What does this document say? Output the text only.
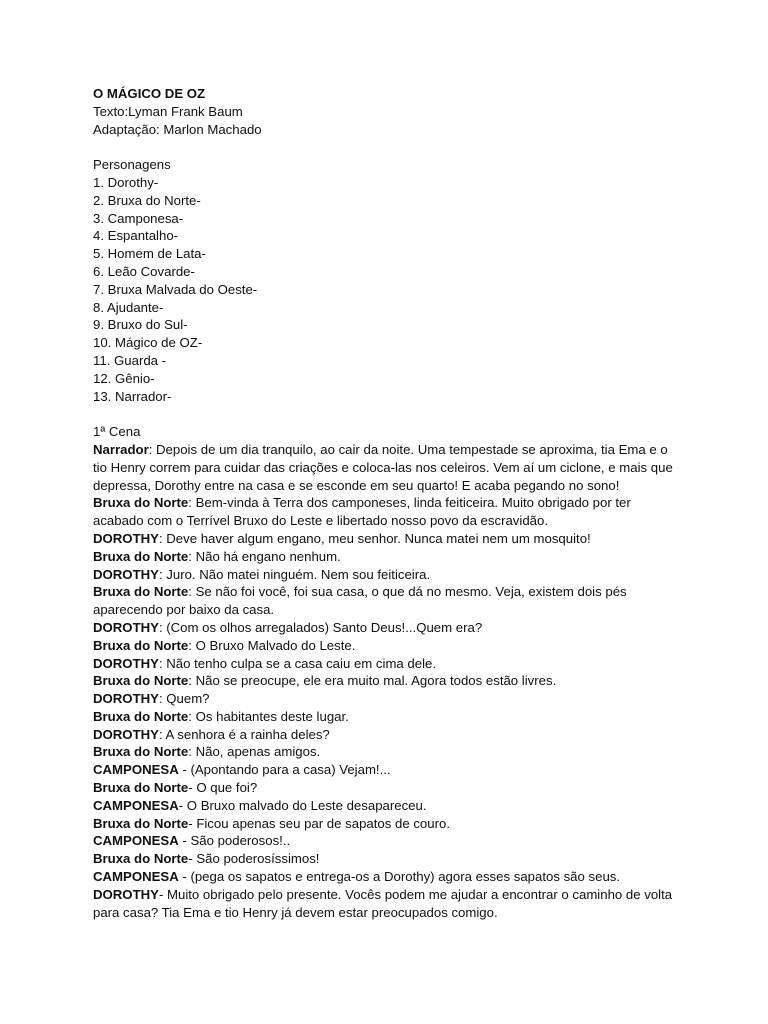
O MÁGICO DE OZ
Texto:Lyman Frank Baum
Adaptação: Marlon Machado
Personagens
1. Dorothy-
2. Bruxa do Norte-
3. Camponesa-
4. Espantalho-
5. Homem de Lata-
6. Leão Covarde-
7. Bruxa Malvada do Oeste-
8. Ajudante-
9. Bruxo do Sul-
10. Mágico de OZ-
11. Guarda -
12. Gênio-
13. Narrador-
1ª Cena
Narrador: Depois de um dia tranquilo, ao cair da noite. Uma tempestade se aproxima, tia Ema e o tio Henry correm para cuidar das criações e coloca-las nos celeiros. Vem aí um ciclone, e mais que depressa, Dorothy entre na casa e se esconde em seu quarto! E acaba pegando no sono!
Bruxa do Norte: Bem-vinda à Terra dos camponeses, linda feiticeira. Muito obrigado por ter acabado com o Terrível Bruxo do Leste e libertado nosso povo da escravidão.
DOROTHY: Deve haver algum engano, meu senhor. Nunca matei nem um mosquito!
Bruxa do Norte: Não há engano nenhum.
DOROTHY: Juro. Não matei ninguém. Nem sou feiticeira.
Bruxa do Norte: Se não foi você, foi sua casa, o que dá no mesmo. Veja, existem dois pés aparecendo por baixo da casa.
DOROTHY: (Com os olhos arregalados) Santo Deus!...Quem era?
Bruxa do Norte: O Bruxo Malvado do Leste.
DOROTHY: Não tenho culpa se a casa caiu em cima dele.
Bruxa do Norte: Não se preocupe, ele era muito mal. Agora todos estão livres.
DOROTHY: Quem?
Bruxa do Norte: Os habitantes deste lugar.
DOROTHY: A senhora é a rainha deles?
Bruxa do Norte: Não, apenas amigos.
CAMPONESA - (Apontando para a casa) Vejam!...
Bruxa do Norte- O que foi?
CAMPONESA- O Bruxo malvado do Leste desapareceu.
Bruxa do Norte- Ficou apenas seu par de sapatos de couro.
CAMPONESA - São poderosos!..
Bruxa do Norte- São poderosíssimos!
CAMPONESA - (pega os sapatos e entrega-os a Dorothy) agora esses sapatos são seus.
DOROTHY- Muito obrigado pelo presente. Vocês podem me ajudar a encontrar o caminho de volta para casa? Tia Ema e tio Henry já devem estar preocupados comigo.
